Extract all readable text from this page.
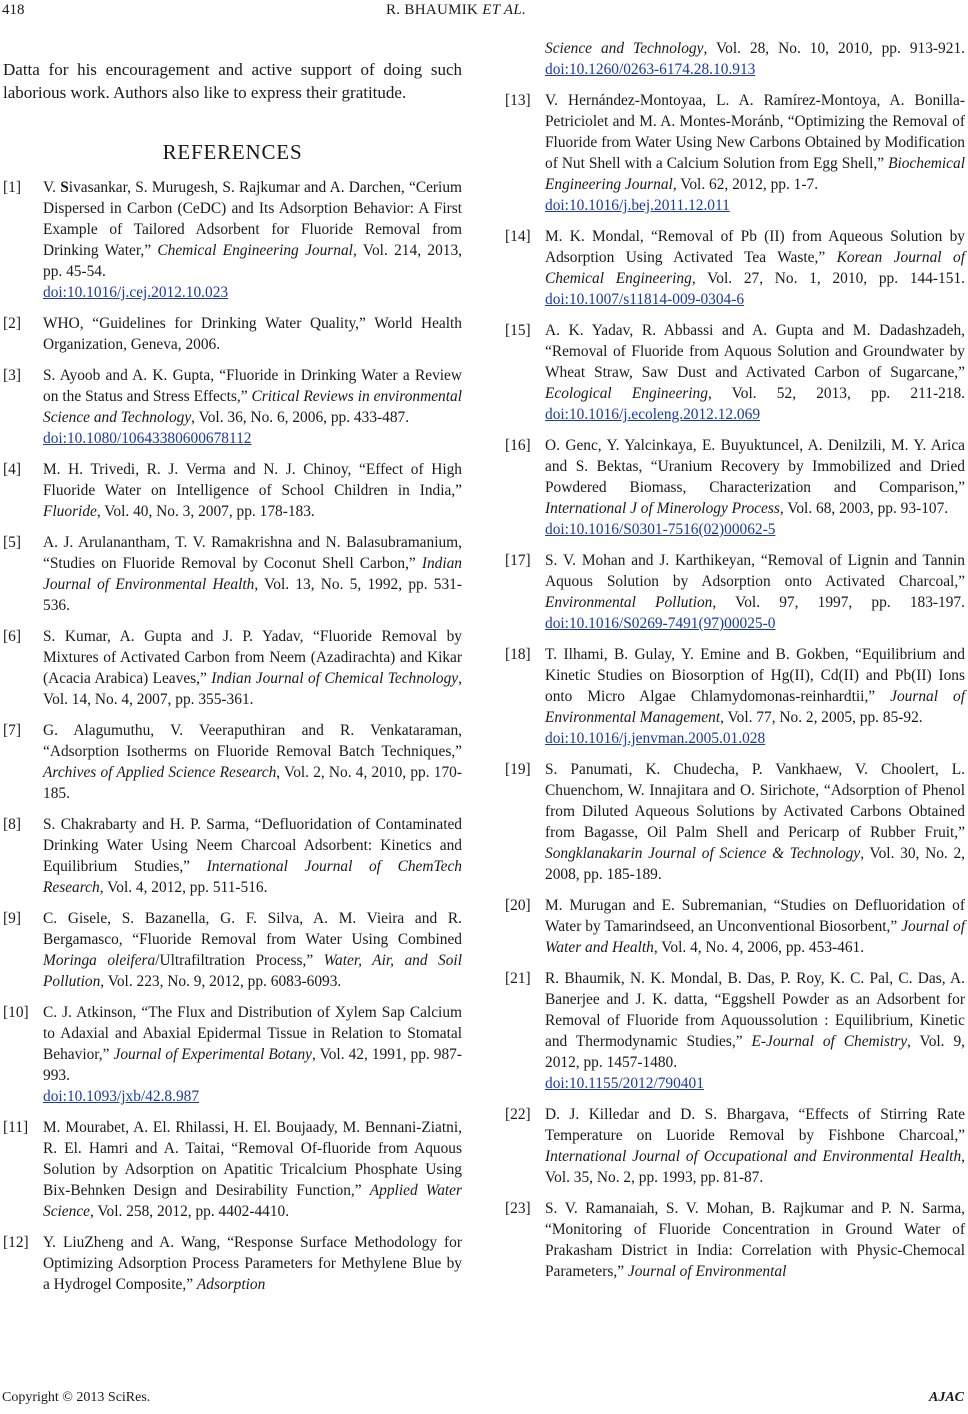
418	R. BHAUMIK ET AL.

Datta for his encouragement and active support of doing such laborious work. Authors also like to express their gratitude.

REFERENCES
[1] V. Sivasankar, S. Murugesh, S. Rajkumar and A. Darchen, “Cerium Dispersed in Carbon (CeDC) and Its Adsorption Behavior: A First Example of Tailored Adsorbent for Fluoride Removal from Drinking Water,” Chemical Engineering Journal, Vol. 214, 2013, pp. 45-54.
doi:10.1016/j.cej.2012.10.023
[2] WHO, “Guidelines for Drinking Water Quality,” World Health Organization, Geneva, 2006.
[3] S. Ayoob and A. K. Gupta, “Fluoride in Drinking Water a Review on the Status and Stress Effects,” Critical Reviews in environmental Science and Technology, Vol. 36, No. 6, 2006, pp. 433-487.
doi:10.1080/10643380600678112
[4] M. H. Trivedi, R. J. Verma and N. J. Chinoy, “Effect of High Fluoride Water on Intelligence of School Children in India,” Fluoride, Vol. 40, No. 3, 2007, pp. 178-183.
[5] A. J. Arulanantham, T. V. Ramakrishna and N. Balasubramanium, “Studies on Fluoride Removal by Coconut Shell Carbon,” Indian Journal of Environmental Health, Vol. 13, No. 5, 1992, pp. 531-536.
[6] S. Kumar, A. Gupta and J. P. Yadav, “Fluoride Removal by Mixtures of Activated Carbon from Neem (Azadirachta) and Kikar (Acacia Arabica) Leaves,” Indian Journal of Chemical Technology, Vol. 14, No. 4, 2007, pp. 355-361.
[7] G. Alagumuthu, V. Veeraputhiran and R. Venkataraman, “Adsorption Isotherms on Fluoride Removal Batch Techniques,” Archives of Applied Science Research, Vol. 2, No. 4, 2010, pp. 170-185.
[8] S. Chakrabarty and H. P. Sarma, “Defluoridation of Contaminated Drinking Water Using Neem Charcoal Adsorbent: Kinetics and Equilibrium Studies,” International Journal of ChemTech Research, Vol. 4, 2012, pp. 511-516.
[9] C. Gisele, S. Bazanella, G. F. Silva, A. M. Vieira and R. Bergamasco, “Fluoride Removal from Water Using Combined Moringa oleifera/Ultrafiltration Process,” Water, Air, and Soil Pollution, Vol. 223, No. 9, 2012, pp. 6083-6093.
[10] C. J. Atkinson, “The Flux and Distribution of Xylem Sap Calcium to Adaxial and Abaxial Epidermal Tissue in Relation to Stomatal Behavior,” Journal of Experimental Botany, Vol. 42, 1991, pp. 987-993.
doi:10.1093/jxb/42.8.987
[11] M. Mourabet, A. El. Rhilassi, H. El. Boujaady, M. Bennani-Ziatni, R. El. Hamri and A. Taitai, “Removal Of-fluoride from Aquous Solution by Adsorption on Apatitic Tricalcium Phosphate Using Bix-Behnken Design and Desirability Function,” Applied Water Science, Vol. 258, 2012, pp. 4402-4410.
[12] Y. LiuZheng and A. Wang, “Response Surface Methodology for Optimizing Adsorption Process Parameters for Methylene Blue by a Hydrogel Composite,” Adsorption
Science and Technology, Vol. 28, No. 10, 2010, pp. 913-921. doi:10.1260/0263-6174.28.10.913
[13] V. Hernández-Montoyaa, L. A. Ramírez-Montoya, A. Bonilla-Petriciolet and M. A. Montes-Moránb, “Optimizing the Removal of Fluoride from Water Using New Carbons Obtained by Modification of Nut Shell with a Calcium Solution from Egg Shell,” Biochemical Engineering Journal, Vol. 62, 2012, pp. 1-7.
doi:10.1016/j.bej.2011.12.011
[14] M. K. Mondal, “Removal of Pb (II) from Aqueous Solution by Adsorption Using Activated Tea Waste,” Korean Journal of Chemical Engineering, Vol. 27, No. 1, 2010, pp. 144-151. doi:10.1007/s11814-009-0304-6
[15] A. K. Yadav, R. Abbassi and A. Gupta and M. Dadashzadeh, “Removal of Fluoride from Aquous Solution and Groundwater by Wheat Straw, Saw Dust and Activated Carbon of Sugarcane,” Ecological Engineering, Vol. 52, 2013, pp. 211-218. doi:10.1016/j.ecoleng.2012.12.069
[16] O. Genc, Y. Yalcinkaya, E. Buyuktuncel, A. Denilzili, M. Y. Arica and S. Bektas, “Uranium Recovery by Immobilized and Dried Powdered Biomass, Characterization and Comparison,” International J of Minerology Process, Vol. 68, 2003, pp. 93-107.
doi:10.1016/S0301-7516(02)00062-5
[17] S. V. Mohan and J. Karthikeyan, “Removal of Lignin and Tannin Aquous Solution by Adsorption onto Activated Charcoal,” Environmental Pollution, Vol. 97, 1997, pp. 183-197. doi:10.1016/S0269-7491(97)00025-0
[18] T. Ilhami, B. Gulay, Y. Emine and B. Gokben, “Equilibrium and Kinetic Studies on Biosorption of Hg(II), Cd(II) and Pb(II) Ions onto Micro Algae Chlamydomonas-reinhardtii,” Journal of Environmental Management, Vol. 77, No. 2, 2005, pp. 85-92.
doi:10.1016/j.jenvman.2005.01.028
[19] S. Panumati, K. Chudecha, P. Vankhaew, V. Choolert, L. Chuenchom, W. Innajitara and O. Sirichote, “Adsorption of Phenol from Diluted Aqueous Solutions by Activated Carbons Obtained from Bagasse, Oil Palm Shell and Pericarp of Rubber Fruit,” Songklanakarin Journal of Science & Technology, Vol. 30, No. 2, 2008, pp. 185-189.
[20] M. Murugan and E. Subremanian, “Studies on Defluoridation of Water by Tamarindseed, an Unconventional Biosorbent,” Journal of Water and Health, Vol. 4, No. 4, 2006, pp. 453-461.
[21] R. Bhaumik, N. K. Mondal, B. Das, P. Roy, K. C. Pal, C. Das, A. Banerjee and J. K. datta, “Eggshell Powder as an Adsorbent for Removal of Fluoride from Aquoussolution : Equilibrium, Kinetic and Thermodynamic Studies,” E-Journal of Chemistry, Vol. 9, 2012, pp. 1457-1480.
doi:10.1155/2012/790401
[22] D. J. Killedar and D. S. Bhargava, “Effects of Stirring Rate Temperature on Luoride Removal by Fishbone Charcoal,” International Journal of Occupational and Environmental Health, Vol. 35, No. 2, pp. 1993, pp. 81-87.
[23] S. V. Ramanaiah, S. V. Mohan, B. Rajkumar and P. N. Sarma, “Monitoring of Fluoride Concentration in Ground Water of Prakasham District in India: Correlation with Physic-Chemocal Parameters,” Journal of Environmental
Copyright © 2013 SciRes.	AJAC
